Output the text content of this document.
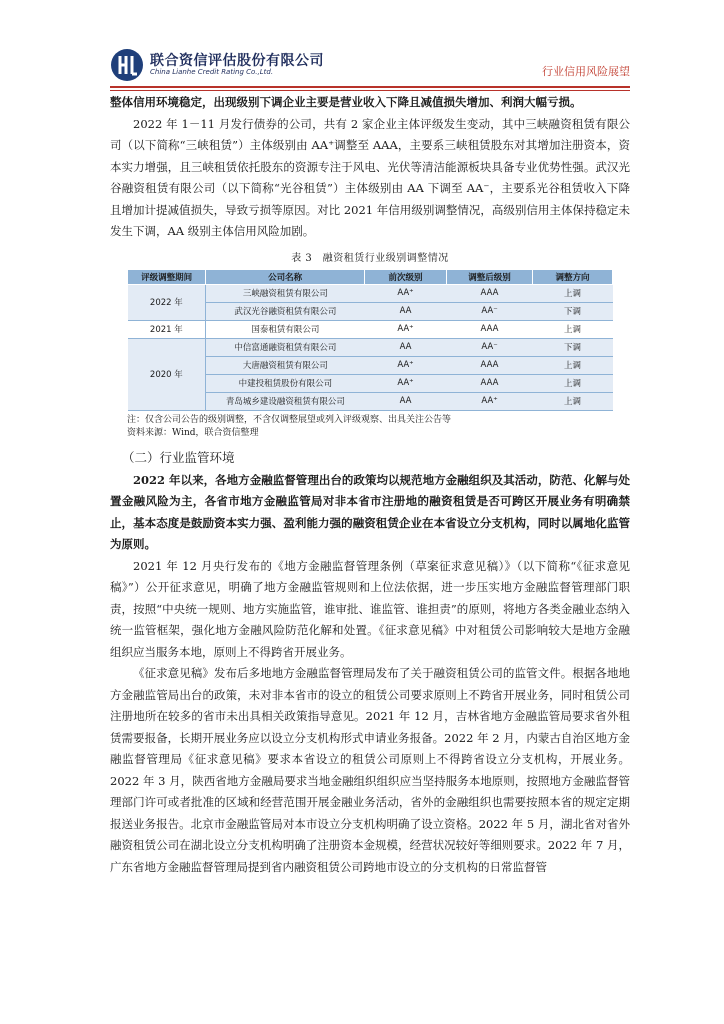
联合资信评估股份有限公司
China Lianhe Credit Rating Co.,Ltd.	行业信用风险展望

整体信用环境稳定，出现级别下调企业主要是营业收入下降且减值损失增加、利润大幅亏损。

2022 年 1－11 月发行债券的公司，共有 2 家企业主体评级发生变动，其中三峡融资租赁有限公司（以下简称“三峡租赁”）主体级别由 AA⁺调整至 AAA，主要系三峡租赁股东对其增加注册资本，资本实力增强，且三峡租赁依托股东的资源专注于风电、光伏等清洁能源板块具备专业优势性强。武汉光谷融资租赁有限公司（以下简称“光谷租赁”）主体级别由 AA 下调至 AA⁻，主要系光谷租赁收入下降且增加计提减值损失，导致亏损等原因。对比 2021 年信用级别调整情况，高级别信用主体保持稳定未发生下调，AA 级别主体信用风险加剧。

表 3　融资租赁行业级别调整情况
评级调整期间	公司名称	前次级别	调整后级别	调整方向
2022 年	三峡融资租赁有限公司	AA⁺	AAA	上调
	武汉光谷融资租赁有限公司	AA	AA⁻	下调
2021 年	国泰租赁有限公司	AA⁺	AAA	上调
2020 年	中信富通融资租赁有限公司	AA	AA⁻	下调
	大唐融资租赁有限公司	AA⁺	AAA	上调
	中建投租赁股份有限公司	AA⁺	AAA	上调
	青岛城乡建设融资租赁有限公司	AA	AA⁺	上调
注：仅含公司公告的级别调整，不含仅调整展望或列入评级观察、出具关注公告等
资料来源：Wind，联合资信整理
（二）行业监管环境

2022 年以来，各地方金融监督管理出台的政策均以规范地方金融组织及其活动，防范、化解与处置金融风险为主，各省市地方金融监管局对非本省市注册地的融资租赁是否可跨区开展业务有明确禁止，基本态度是鼓励资本实力强、盈利能力强的融资租赁企业在本省设立分支机构，同时以属地化监管为原则。

2021 年 12 月央行发布的《地方金融监督管理条例（草案征求意见稿）》（以下简称“《征求意见稿》”）公开征求意见，明确了地方金融监管规则和上位法依据，进一步压实地方金融监督管理部门职责，按照“中央统一规则、地方实施监管，谁审批、谁监管、谁担责”的原则，将地方各类金融业态纳入统一监管框架，强化地方金融风险防范化解和处置。《征求意见稿》中对租赁公司影响较大是地方金融组织应当服务本地，原则上不得跨省开展业务。

《征求意见稿》发布后多地地方金融监督管理局发布了关于融资租赁公司的监管文件。根据各地地方金融监管局出台的政策，未对非本省市的设立的租赁公司要求原则上不跨省开展业务，同时租赁公司注册地所在较多的省市未出具相关政策指导意见。2021 年 12 月，吉林省地方金融监管局要求省外租赁需要报备，长期开展业务应以设立分支机构形式申请业务报备。2022 年 2 月，内蒙古自治区地方金融监督管理局《征求意见稿》要求本省设立的租赁公司原则上不得跨省设立分支机构，开展业务。2022 年 3 月，陕西省地方金融局要求当地金融组织组织应当坚持服务本地原则，按照地方金融监督管理部门许可或者批准的区域和经营范围开展金融业务活动，省外的金融组织也需要按照本省的规定定期报送业务报告。北京市金融监管局对本市设立分支机构明确了设立资格。2022 年 5 月，湖北省对省外融资租赁公司在湖北设立分支机构明确了注册资本金规模，经营状况较好等细则要求。2022 年 7 月，广东省地方金融监督管理局提到省内融资租赁公司跨地市设立的分支机构的日常监督管
